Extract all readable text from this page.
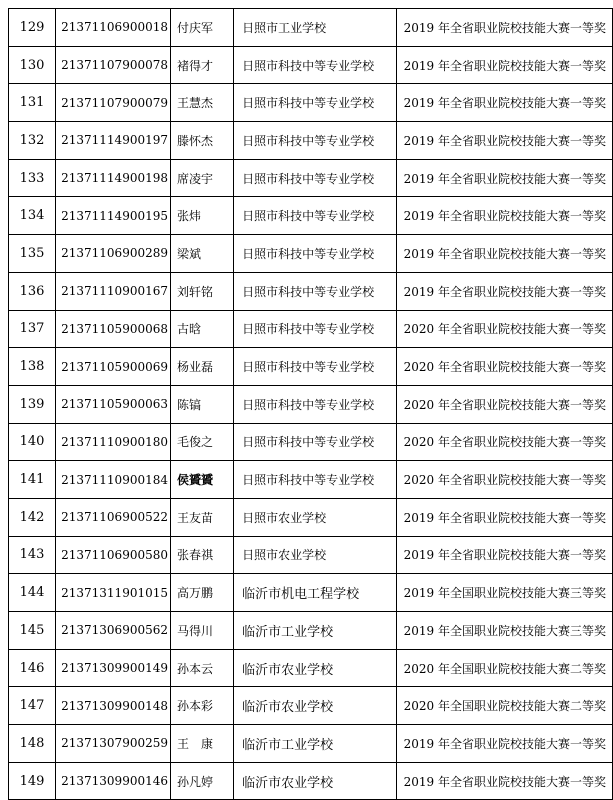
129	21371106900018	付庆军	日照市工业学校	2019 年全省职业院校技能大赛一等奖
130	21371107900078	褚得才	日照市科技中等专业学校	2019 年全省职业院校技能大赛一等奖
131	21371107900079	王慧杰	日照市科技中等专业学校	2019 年全省职业院校技能大赛一等奖
132	21371114900197	滕怀杰	日照市科技中等专业学校	2019 年全省职业院校技能大赛一等奖
133	21371114900198	席凌宇	日照市科技中等专业学校	2019 年全省职业院校技能大赛一等奖
134	21371114900195	张炜	日照市科技中等专业学校	2019 年全省职业院校技能大赛一等奖
135	21371106900289	梁斌	日照市科技中等专业学校	2019 年全省职业院校技能大赛一等奖
136	21371110900167	刘轩铭	日照市科技中等专业学校	2019 年全省职业院校技能大赛一等奖
137	21371105900068	古晗	日照市科技中等专业学校	2020 年全省职业院校技能大赛一等奖
138	21371105900069	杨业磊	日照市科技中等专业学校	2020 年全省职业院校技能大赛一等奖
139	21371105900063	陈镐	日照市科技中等专业学校	2020 年全省职业院校技能大赛一等奖
140	21371110900180	毛俊之	日照市科技中等专业学校	2020 年全省职业院校技能大赛一等奖
141	21371110900184	侯贇贇	日照市科技中等专业学校	2020 年全省职业院校技能大赛一等奖
142	21371106900522	王友苗	日照市农业学校	2019 年全省职业院校技能大赛一等奖
143	21371106900580	张春祺	日照市农业学校	2019 年全省职业院校技能大赛一等奖
144	21371311901015	高万鹏	临沂市机电工程学校	2019 年全国职业院校技能大赛三等奖
145	21371306900562	马得川	临沂市工业学校	2019 年全国职业院校技能大赛三等奖
146	21371309900149	孙本云	临沂市农业学校	2020 年全国职业院校技能大赛二等奖
147	21371309900148	孙本彩	临沂市农业学校	2020 年全国职业院校技能大赛二等奖
148	21371307900259	王　康	临沂市工业学校	2019 年全省职业院校技能大赛一等奖
149	21371309900146	孙凡婷	临沂市农业学校	2019 年全省职业院校技能大赛一等奖
